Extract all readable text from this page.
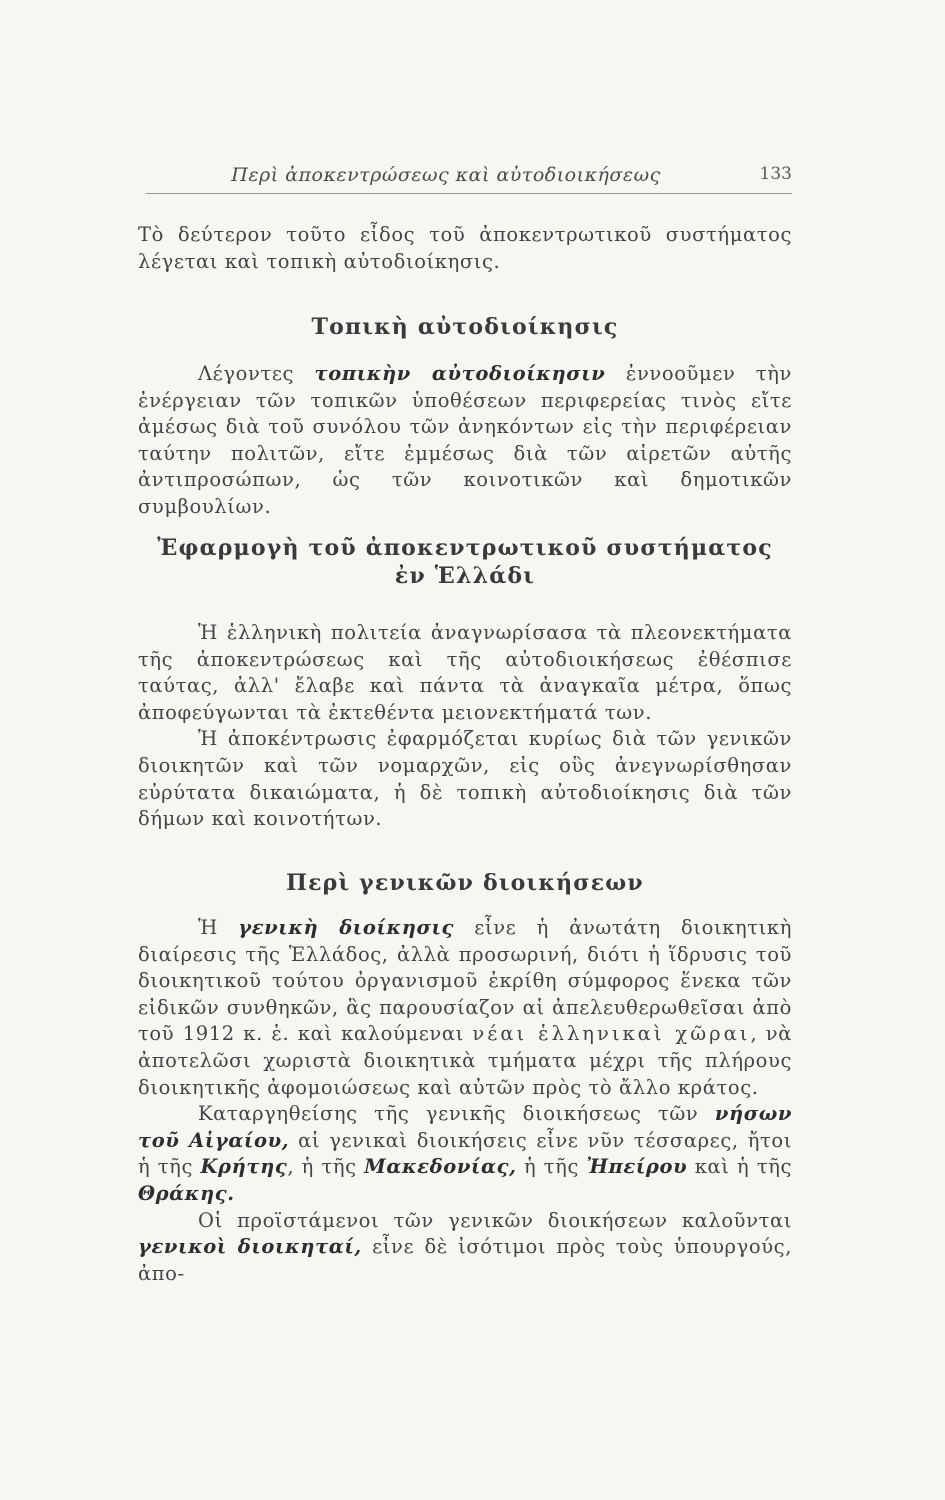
Περὶ ἀποκεντρώσεως καὶ αὐτοδιοικήσεως	133

Τὸ δεύτερον τοῦτο εἶδος τοῦ ἀποκεντρωτικοῦ συστήματος λέγεται καὶ τοπικὴ αὐτοδιοίκησις.

Τοπικὴ αὐτοδιοίκησις

Λέγοντες τοπικὴν αὐτοδιοίκησιν ἐννοοῦμεν τὴν ἐνέργειαν τῶν τοπικῶν ὑποθέσεων περιφερείας τινὸς εἴτε ἀμέσως διὰ τοῦ συνόλου τῶν ἀνηκόντων εἰς τὴν περιφέρειαν ταύτην πολιτῶν, εἴτε ἐμμέσως διὰ τῶν αἱρετῶν αὐτῆς ἀντιπροσώπων, ὡς τῶν κοινοτικῶν καὶ δημοτικῶν συμβουλίων.

Ἐφαρμογὴ τοῦ ἀποκεντρωτικοῦ συστήματος
ἐν Ἑλλάδι

Ἡ ἑλληνικὴ πολιτεία ἀναγνωρίσασα τὰ πλεονεκτήματα τῆς ἀποκεντρώσεως καὶ τῆς αὐτοδιοικήσεως ἐθέσπισε ταύτας, ἀλλ' ἔλαβε καὶ πάντα τὰ ἀναγκαῖα μέτρα, ὅπως ἀποφεύγωνται τὰ ἐκτεθέντα μειονεκτήματά των.

Ἡ ἀποκέντρωσις ἐφαρμόζεται κυρίως διὰ τῶν γενικῶν διοικητῶν καὶ τῶν νομαρχῶν, εἰς οὓς ἀνεγνωρίσθησαν εὐρύτατα δικαιώματα, ἡ δὲ τοπικὴ αὐτοδιοίκησις διὰ τῶν δήμων καὶ κοινοτήτων.

Περὶ γενικῶν διοικήσεων

Ἡ γενικὴ διοίκησις εἶνε ἡ ἀνωτάτη διοικητικὴ διαίρεσις τῆς Ἑλλάδος, ἀλλὰ προσωρινή, διότι ἡ ἵδρυσις τοῦ διοικητικοῦ τούτου ὀργανισμοῦ ἐκρίθη σύμφορος ἕνεκα τῶν εἰδικῶν συνθηκῶν, ἃς παρουσίαζον αἱ ἀπελευθερωθεῖσαι ἀπὸ τοῦ 1912 κ. ἑ. καὶ καλούμεναι νέαι ἑλληνικαὶ χῶραι, νὰ ἀποτελῶσι χωριστὰ διοικητικὰ τμήματα μέχρι τῆς πλήρους διοικητικῆς ἀφομοιώσεως καὶ αὐτῶν πρὸς τὸ ἄλλο κράτος.

Καταργηθείσης τῆς γενικῆς διοικήσεως τῶν νήσων τοῦ Αἰγαίου, αἱ γενικαὶ διοικήσεις εἶνε νῦν τέσσαρες, ἤτοι ἡ τῆς Κρήτης, ἡ τῆς Μακεδονίας, ἡ τῆς Ἠπείρου καὶ ἡ τῆς Θράκης.

Οἱ προϊστάμενοι τῶν γενικῶν διοικήσεων καλοῦνται γενικοὶ διοικηταί, εἶνε δὲ ἰσότιμοι πρὸς τοὺς ὑπουργούς, ἀπο-
